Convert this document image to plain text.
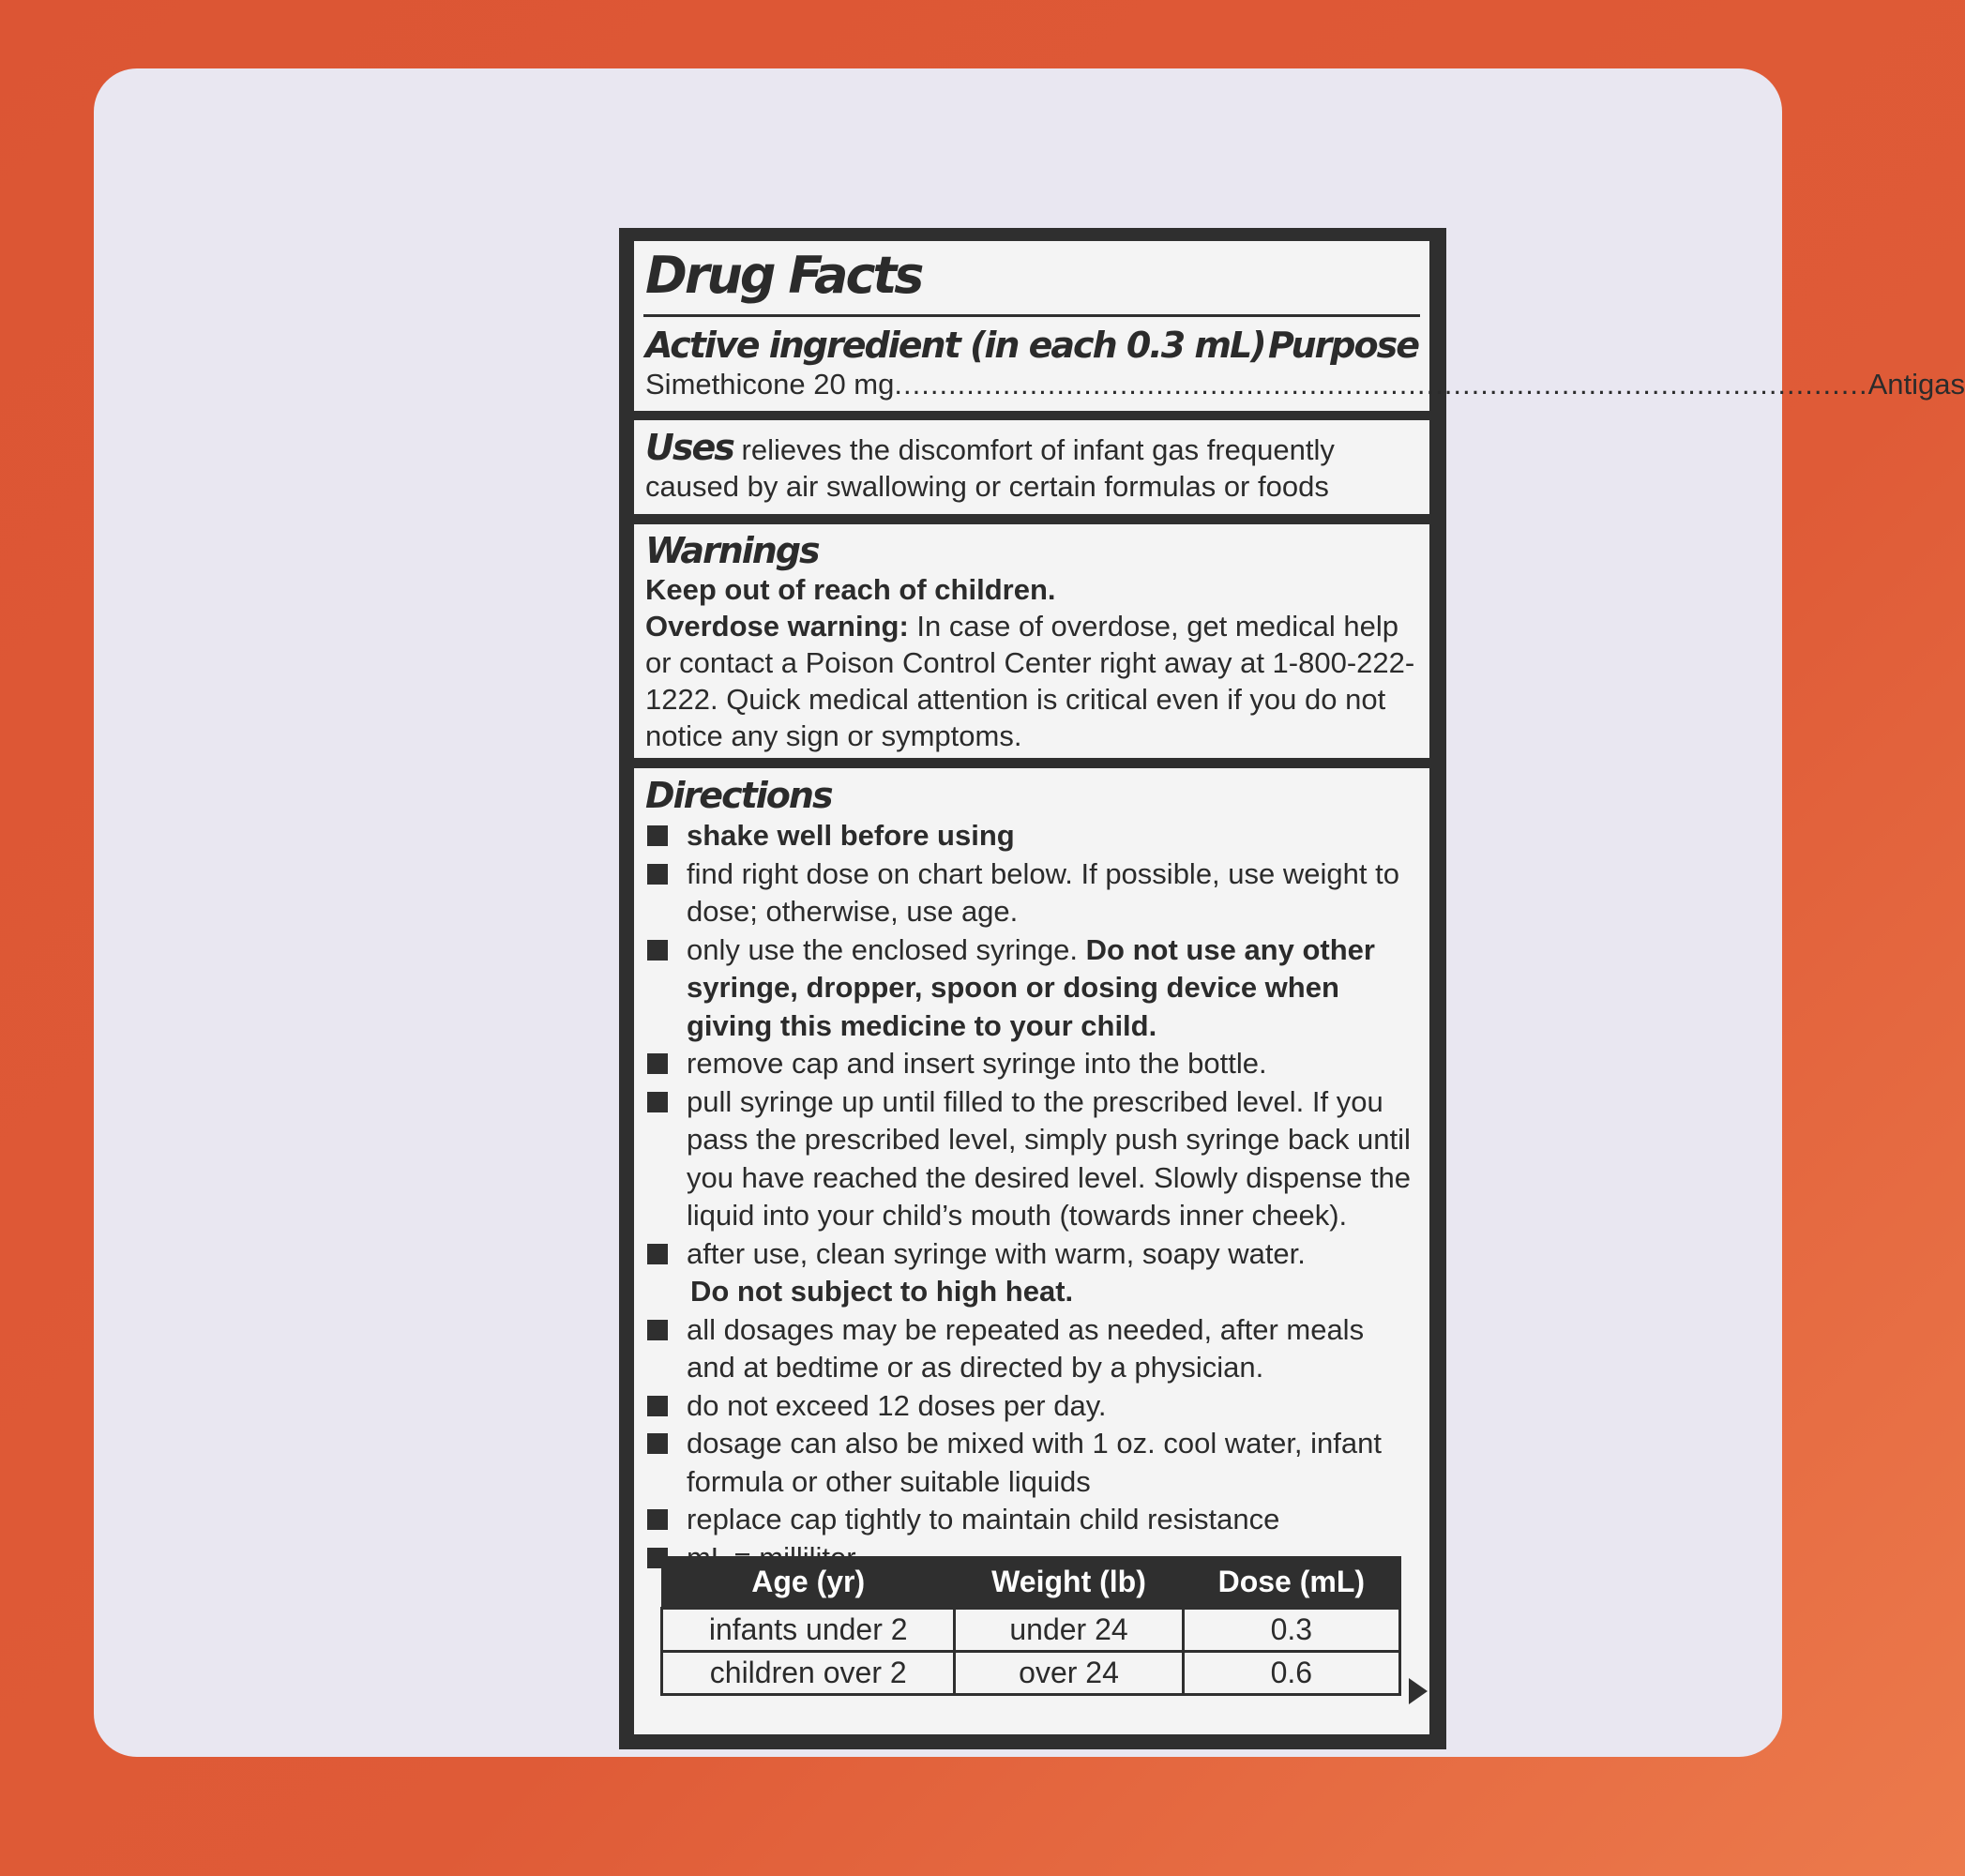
Drug Facts
Active ingredient (in each 0.3 mL) Purpose
Simethicone 20 mg ............................................................................................................ Antigas
Uses relieves the discomfort of infant gas frequently caused by air swallowing or certain formulas or foods
Warnings
Keep out of reach of children.
Overdose warning: In case of overdose, get medical help or contact a Poison Control Center right away at 1-800-222-1222. Quick medical attention is critical even if you do not notice any sign or symptoms.
Directions
shake well before using
find right dose on chart below. If possible, use weight to dose; otherwise, use age.
only use the enclosed syringe. Do not use any other syringe, dropper, spoon or dosing device when giving this medicine to your child.
remove cap and insert syringe into the bottle.
pull syringe up until filled to the prescribed level. If you pass the prescribed level, simply push syringe back until you have reached the desired level. Slowly dispense the liquid into your child’s mouth (towards inner cheek).
after use, clean syringe with warm, soapy water.
Do not subject to high heat.
all dosages may be repeated as needed, after meals and at bedtime or as directed by a physician.
do not exceed 12 doses per day.
dosage can also be mixed with 1 oz. cool water, infant formula or other suitable liquids
replace cap tightly to maintain child resistance
Age (yr)	Weight (lb)	Dose (mL)
infants under 2	under 24	0.3
children over 2	over 24	0.6
